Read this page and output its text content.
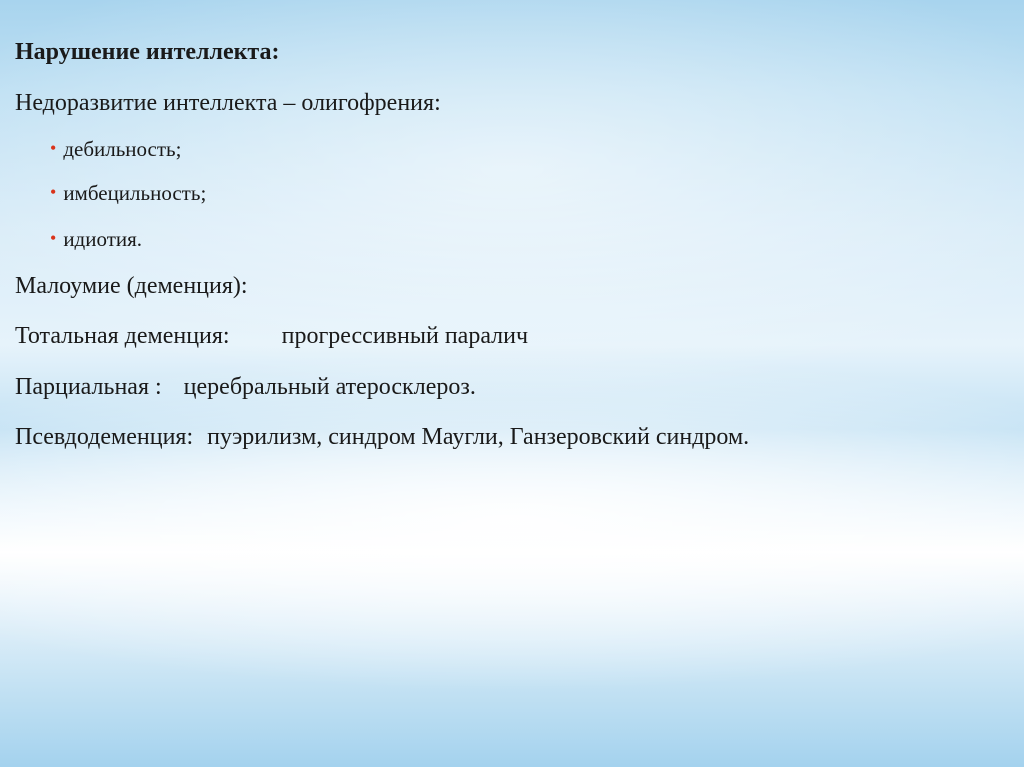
Нарушение интеллекта:
Недоразвитие интеллекта – олигофрения:
• дебильность;
• имбецильность;
• идиотия.
Малоумие (деменция):
Тотальная деменция: прогрессивный паралич
Парциальная : церебральный атеросклероз.
Псевдодеменция: пуэрилизм, синдром Маугли, Ганзеровский синдром.
